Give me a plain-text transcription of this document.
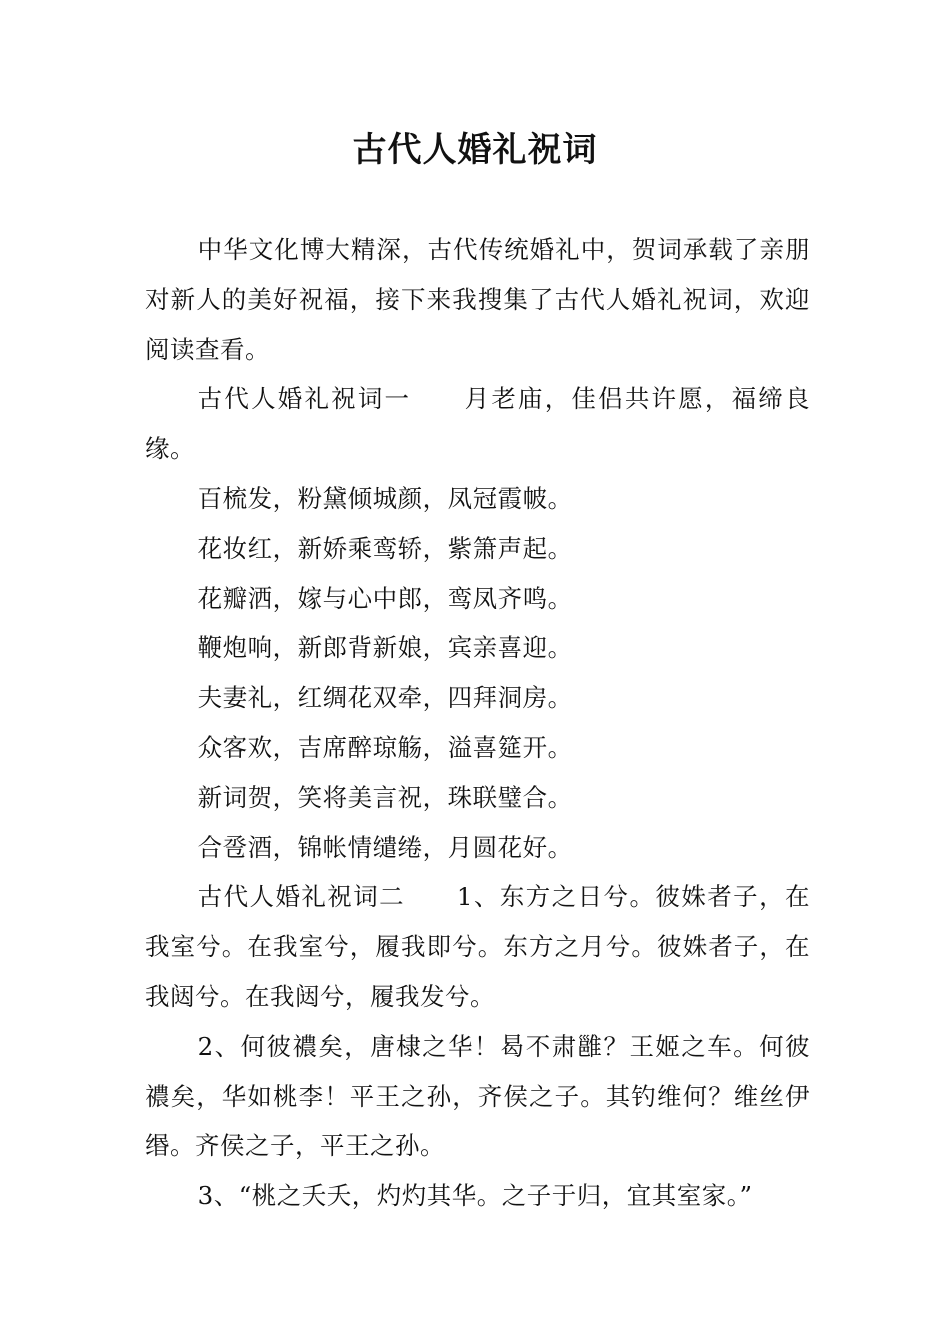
古代人婚礼祝词

中华文化博大精深，古代传统婚礼中，贺词承载了亲朋对新人的美好祝福，接下来我搜集了古代人婚礼祝词，欢迎阅读查看。

古代人婚礼祝词一　　月老庙，佳侣共许愿，福缔良缘。

百梳发，粉黛倾城颜，凤冠霞帔。

花妆红，新娇乘鸾轿，紫箫声起。

花瓣洒，嫁与心中郎，鸾凤齐鸣。

鞭炮响，新郎背新娘，宾亲喜迎。

夫妻礼，红绸花双牵，四拜洞房。

众客欢，吉席醉琼觞，溢喜筵开。

新词贺，笑将美言祝，珠联璧合。

合卺酒，锦帐情缱绻，月圆花好。

古代人婚礼祝词二　　1、东方之日兮。彼姝者子，在我室兮。在我室兮，履我即兮。东方之月兮。彼姝者子，在我闼兮。在我闼兮，履我发兮。

2、何彼禯矣，唐棣之华！曷不肃雝？王姬之车。何彼禯矣，华如桃李！平王之孙，齐侯之子。其钓维何？维丝伊缗。齐侯之子，平王之孙。

3、“桃之夭夭，灼灼其华。之子于归，宜其室家。”
